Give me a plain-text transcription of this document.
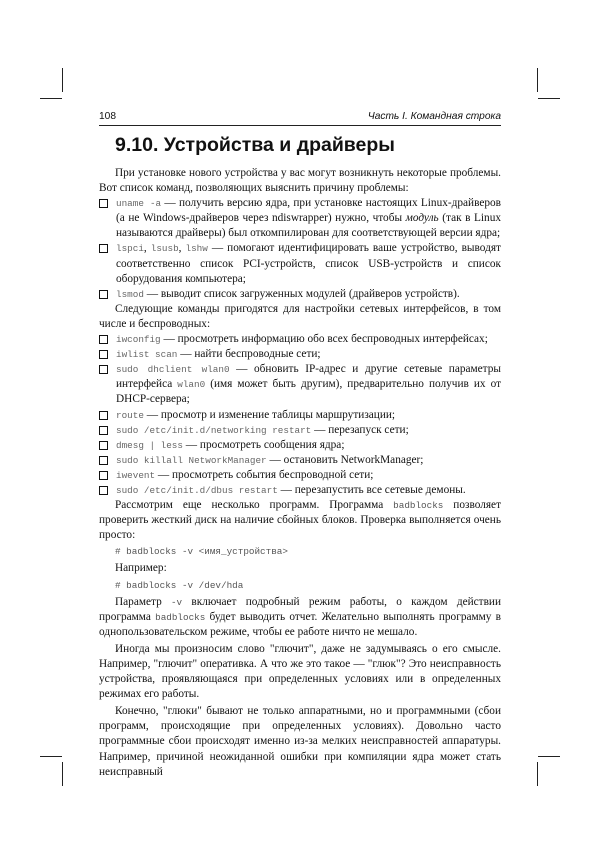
108	Часть I. Командная строка
9.10. Устройства и драйверы

При установке нового устройства у вас могут возникнуть некоторые проблемы. Вот список команд, позволяющих выяснить причину проблемы:

uname -a — получить версию ядра, при установке настоящих Linux-драйверов (а не Windows-драйверов через ndiswrapper) нужно, чтобы модуль (так в Linux называются драйверы) был откомпилирован для соответствующей версии ядра;
lspci, lsusb, lshw — помогают идентифицировать ваше устройство, выводят соответственно список PCI-устройств, список USB-устройств и список оборудования компьютера;
lsmod — выводит список загруженных модулей (драйверов устройств).

Следующие команды пригодятся для настройки сетевых интерфейсов, в том числе и беспроводных:

iwconfig — просмотреть информацию обо всех беспроводных интерфейсах;
iwlist scan — найти беспроводные сети;
sudo dhclient wlan0 — обновить IP-адрес и другие сетевые параметры интерфейса wlan0 (имя может быть другим), предварительно получив их от DHCP-сервера;
route — просмотр и изменение таблицы маршрутизации;
sudo /etc/init.d/networking restart — перезапуск сети;
dmesg | less — просмотреть сообщения ядра;
sudo killall NetworkManager — остановить NetworkManager;
iwevent — просмотреть события беспроводной сети;
sudo /etc/init.d/dbus restart — перезапустить все сетевые демоны.

Рассмотрим еще несколько программ. Программа badblocks позволяет проверить жесткий диск на наличие сбойных блоков. Проверка выполняется очень просто:

# badblocks -v <имя_устройства>

Например:

# badblocks -v /dev/hda

Параметр -v включает подробный режим работы, о каждом действии программа badblocks будет выводить отчет. Желательно выполнять программу в однопользовательском режиме, чтобы ее работе ничто не мешало.

Иногда мы произносим слово "глючит", даже не задумываясь о его смысле. Например, "глючит" оперативка. А что же это такое — "глюк"? Это неисправность устройства, проявляющаяся при определенных условиях или в определенных режимах его работы.

Конечно, "глюки" бывают не только аппаратными, но и программными (сбои программ, происходящие при определенных условиях). Довольно часто программные сбои происходят именно из-за мелких неисправностей аппаратуры. Например, причиной неожиданной ошибки при компиляции ядра может стать неисправный
